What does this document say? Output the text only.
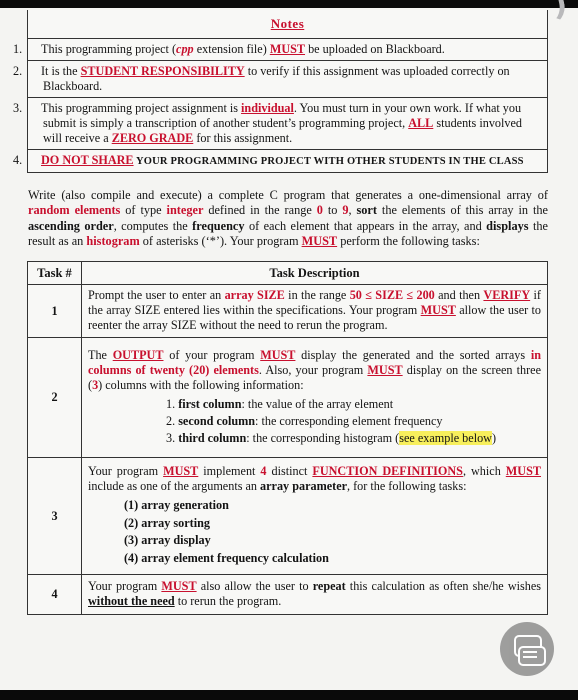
Notes
1. This programming project (cpp extension file) MUST be uploaded on Blackboard.
2. It is the STUDENT RESPONSIBILITY to verify if this assignment was uploaded correctly on Blackboard.
3. This programming project assignment is individual. You must turn in your own work. If what you submit is simply a transcription of another student’s programming project, ALL students involved will receive a ZERO GRADE for this assignment.
4. DO NOT SHARE YOUR PROGRAMMING PROJECT WITH OTHER STUDENTS IN THE CLASS
Write (also compile and execute) a complete C program that generates a one-dimensional array of random elements of type integer defined in the range 0 to 9, sort the elements of this array in the ascending order, computes the frequency of each element that appears in the array, and displays the result as an histogram of asterisks (‘*’). Your program MUST perform the following tasks:
Task #	Task Description
1	Prompt the user to enter an array SIZE in the range 50 ≤ SIZE ≤ 200 and then VERIFY if the array SIZE entered lies within the specifications. Your program MUST allow the user to reenter the array SIZE without the need to rerun the program.
2	The OUTPUT of your program MUST display the generated and the sorted arrays in columns of twenty (20) elements. Also, your program MUST display on the screen three (3) columns with the following information:
1. first column: the value of the array element
2. second column: the corresponding element frequency
3. third column: the corresponding histogram (see example below)

3	Your program MUST implement 4 distinct FUNCTION DEFINITIONS, which MUST include as one of the arguments an array parameter, for the following tasks:
(1) array generation
(2) array sorting
(3) array display
(4) array element frequency calculation

4	Your program MUST also allow the user to repeat this calculation as often she/he wishes without the need to rerun the program.
